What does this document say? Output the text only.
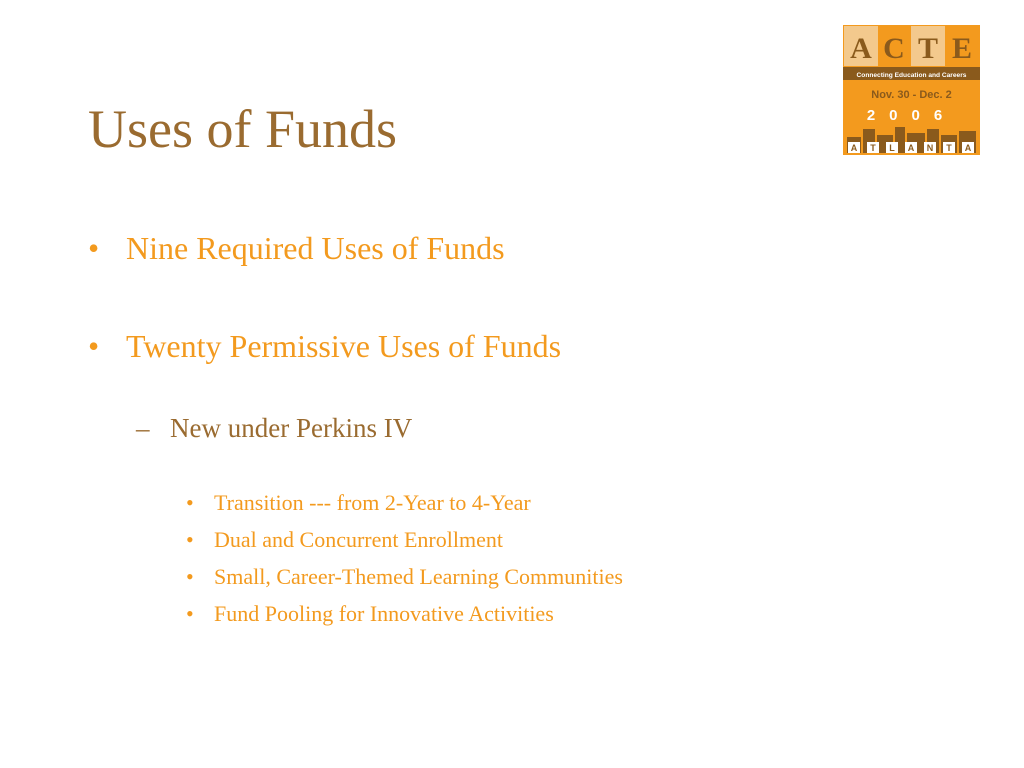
Uses of Funds
A C T E
Connecting Education and Careers
Nov. 30 - Dec. 2
2006
A T L A N T A
• Nine Required Uses of Funds
• Twenty Permissive Uses of Funds
– New under Perkins IV
• Transition --- from 2-Year to 4-Year
• Dual and Concurrent Enrollment
• Small, Career-Themed Learning Communities
• Fund Pooling for Innovative Activities
